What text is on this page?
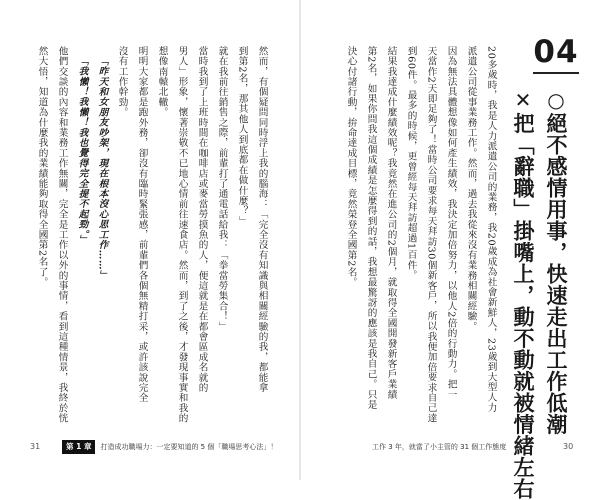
04
○絕不感情用事，快速走出工作低潮
✕把「辭職」掛嘴上，動不動就被情緒左右
20多歲時，我是人力派遣公司的業務，我20歲成為社會新鮮人，23歲到大型人力
派遣公司從事業務工作。然而，過去我從來沒有業務相關經驗。
因為無法具體想像如何產生績效，我決定加倍努力，以他人2倍的行動力。把一
天當作2天即足夠了！當時公司要求每天拜訪30個新客戶，所以我便加倍要求自己達
到60件。最多的時候，更曾經每天拜訪超過1百件。
結果我達成什麼績效呢？我竟然在進公司的2個月，就取得全國開發新客戶業績
第2名，如果你問我這個成績是怎麼得到的話，我想最驚訝的應該是我自己。只是
決心付諸行動，拚命達成目標，竟然榮登全國第2名。
工作 3 年，就當了小主管的 31 個工作態度	30
然而，有個疑問同時浮上我的腦海：「完全沒有知識與相關經驗的我，都能拿
到第2名，那其他人到底都在做什麼？」
就在我前往銷售之際，前輩打了通電話給我：「拳當勞集合！」
當時我到了上班時間在咖啡店或麥當勞摸魚的人，便這就是在都會區成名就的
男人」形象，懷著崇敬不已地心情前往速食店。然而，到了之後，才發現事實和我的
想像南轅北轍。
明明大家都是跑外務，卻沒有臨時緊張感，前輩們各個無精打采，或許該說完全
沒有工作幹勁。
「昨天和女朋友吵架，現在根本沒心思工作……」
「我懶！我懶！我也覺得完全提不起勁。」
他們交談的內容和業務工作無關，完全是工作以外的事情，看到這種情景，我終於恍
然大悟，知道為什麼我的業績能夠取得全國第2名了。
31	第 1 章 打造成功職場力：一定要知道的 5 個「職場思考心法」！
